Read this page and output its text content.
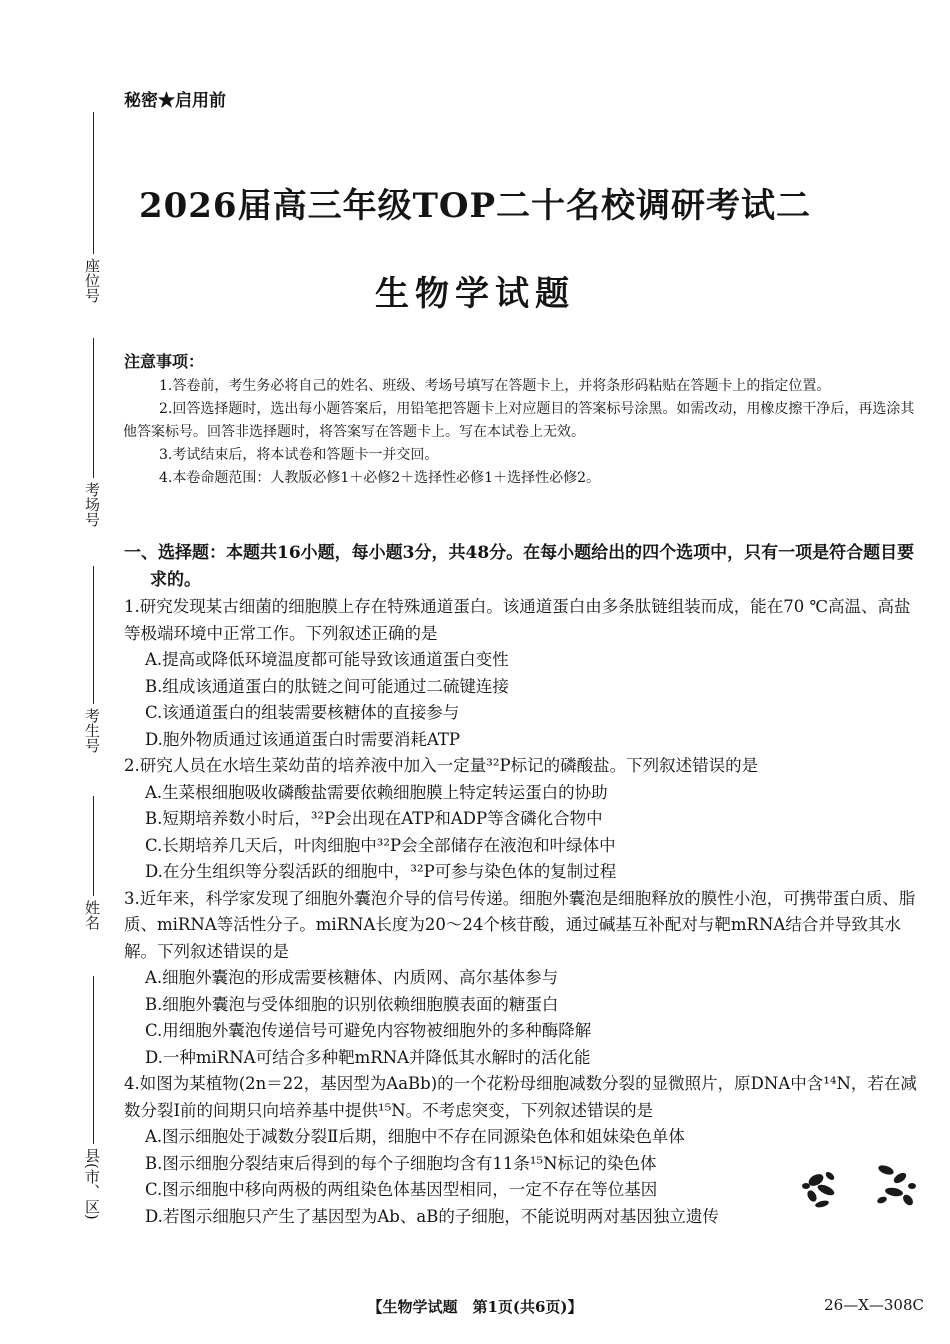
秘密★启用前
2026届高三年级TOP二十名校调研考试二
生物学试题
座位号
考场号
考生号
姓名
县(市、区)
注意事项：
1.答卷前，考生务必将自己的姓名、班级、考场号填写在答题卡上，并将条形码粘贴在答题卡上的指定位置。
2.回答选择题时，选出每小题答案后，用铅笔把答题卡上对应题目的答案标号涂黑。如需改动，用橡皮擦干净后，再选涂其他答案标号。回答非选择题时，将答案写在答题卡上。写在本试卷上无效。
3.考试结束后，将本试卷和答题卡一并交回。
4.本卷命题范围：人教版必修1＋必修2＋选择性必修1＋选择性必修2。
一、选择题：本题共16小题，每小题3分，共48分。在每小题给出的四个选项中，只有一项是符合题目要求的。
1.研究发现某古细菌的细胞膜上存在特殊通道蛋白。该通道蛋白由多条肽链组装而成，能在70 ℃高温、高盐等极端环境中正常工作。下列叙述正确的是
A.提高或降低环境温度都可能导致该通道蛋白变性
B.组成该通道蛋白的肽链之间可能通过二硫键连接
C.该通道蛋白的组装需要核糖体的直接参与
D.胞外物质通过该通道蛋白时需要消耗ATP
2.研究人员在水培生菜幼苗的培养液中加入一定量³²P标记的磷酸盐。下列叙述错误的是
A.生菜根细胞吸收磷酸盐需要依赖细胞膜上特定转运蛋白的协助
B.短期培养数小时后，³²P会出现在ATP和ADP等含磷化合物中
C.长期培养几天后，叶肉细胞中³²P会全部储存在液泡和叶绿体中
D.在分生组织等分裂活跃的细胞中，³²P可参与染色体的复制过程
3.近年来，科学家发现了细胞外囊泡介导的信号传递。细胞外囊泡是细胞释放的膜性小泡，可携带蛋白质、脂质、miRNA等活性分子。miRNA长度为20～24个核苷酸，通过碱基互补配对与靶mRNA结合并导致其水解。下列叙述错误的是
A.细胞外囊泡的形成需要核糖体、内质网、高尔基体参与
B.细胞外囊泡与受体细胞的识别依赖细胞膜表面的糖蛋白
C.用细胞外囊泡传递信号可避免内容物被细胞外的多种酶降解
D.一种miRNA可结合多种靶mRNA并降低其水解时的活化能
4.如图为某植物(2n＝22，基因型为AaBb)的一个花粉母细胞减数分裂的显微照片，原DNA中含¹⁴N，若在减数分裂Ⅰ前的间期只向培养基中提供¹⁵N。不考虑突变，下列叙述错误的是
A.图示细胞处于减数分裂Ⅱ后期，细胞中不存在同源染色体和姐妹染色单体
B.图示细胞分裂结束后得到的每个子细胞均含有11条¹⁵N标记的染色体
C.图示细胞中移向两极的两组染色体基因型相同，一定不存在等位基因
D.若图示细胞只产生了基因型为Ab、aB的子细胞，不能说明两对基因独立遗传
【生物学试题　第1页(共6页)】	26—X—308C
